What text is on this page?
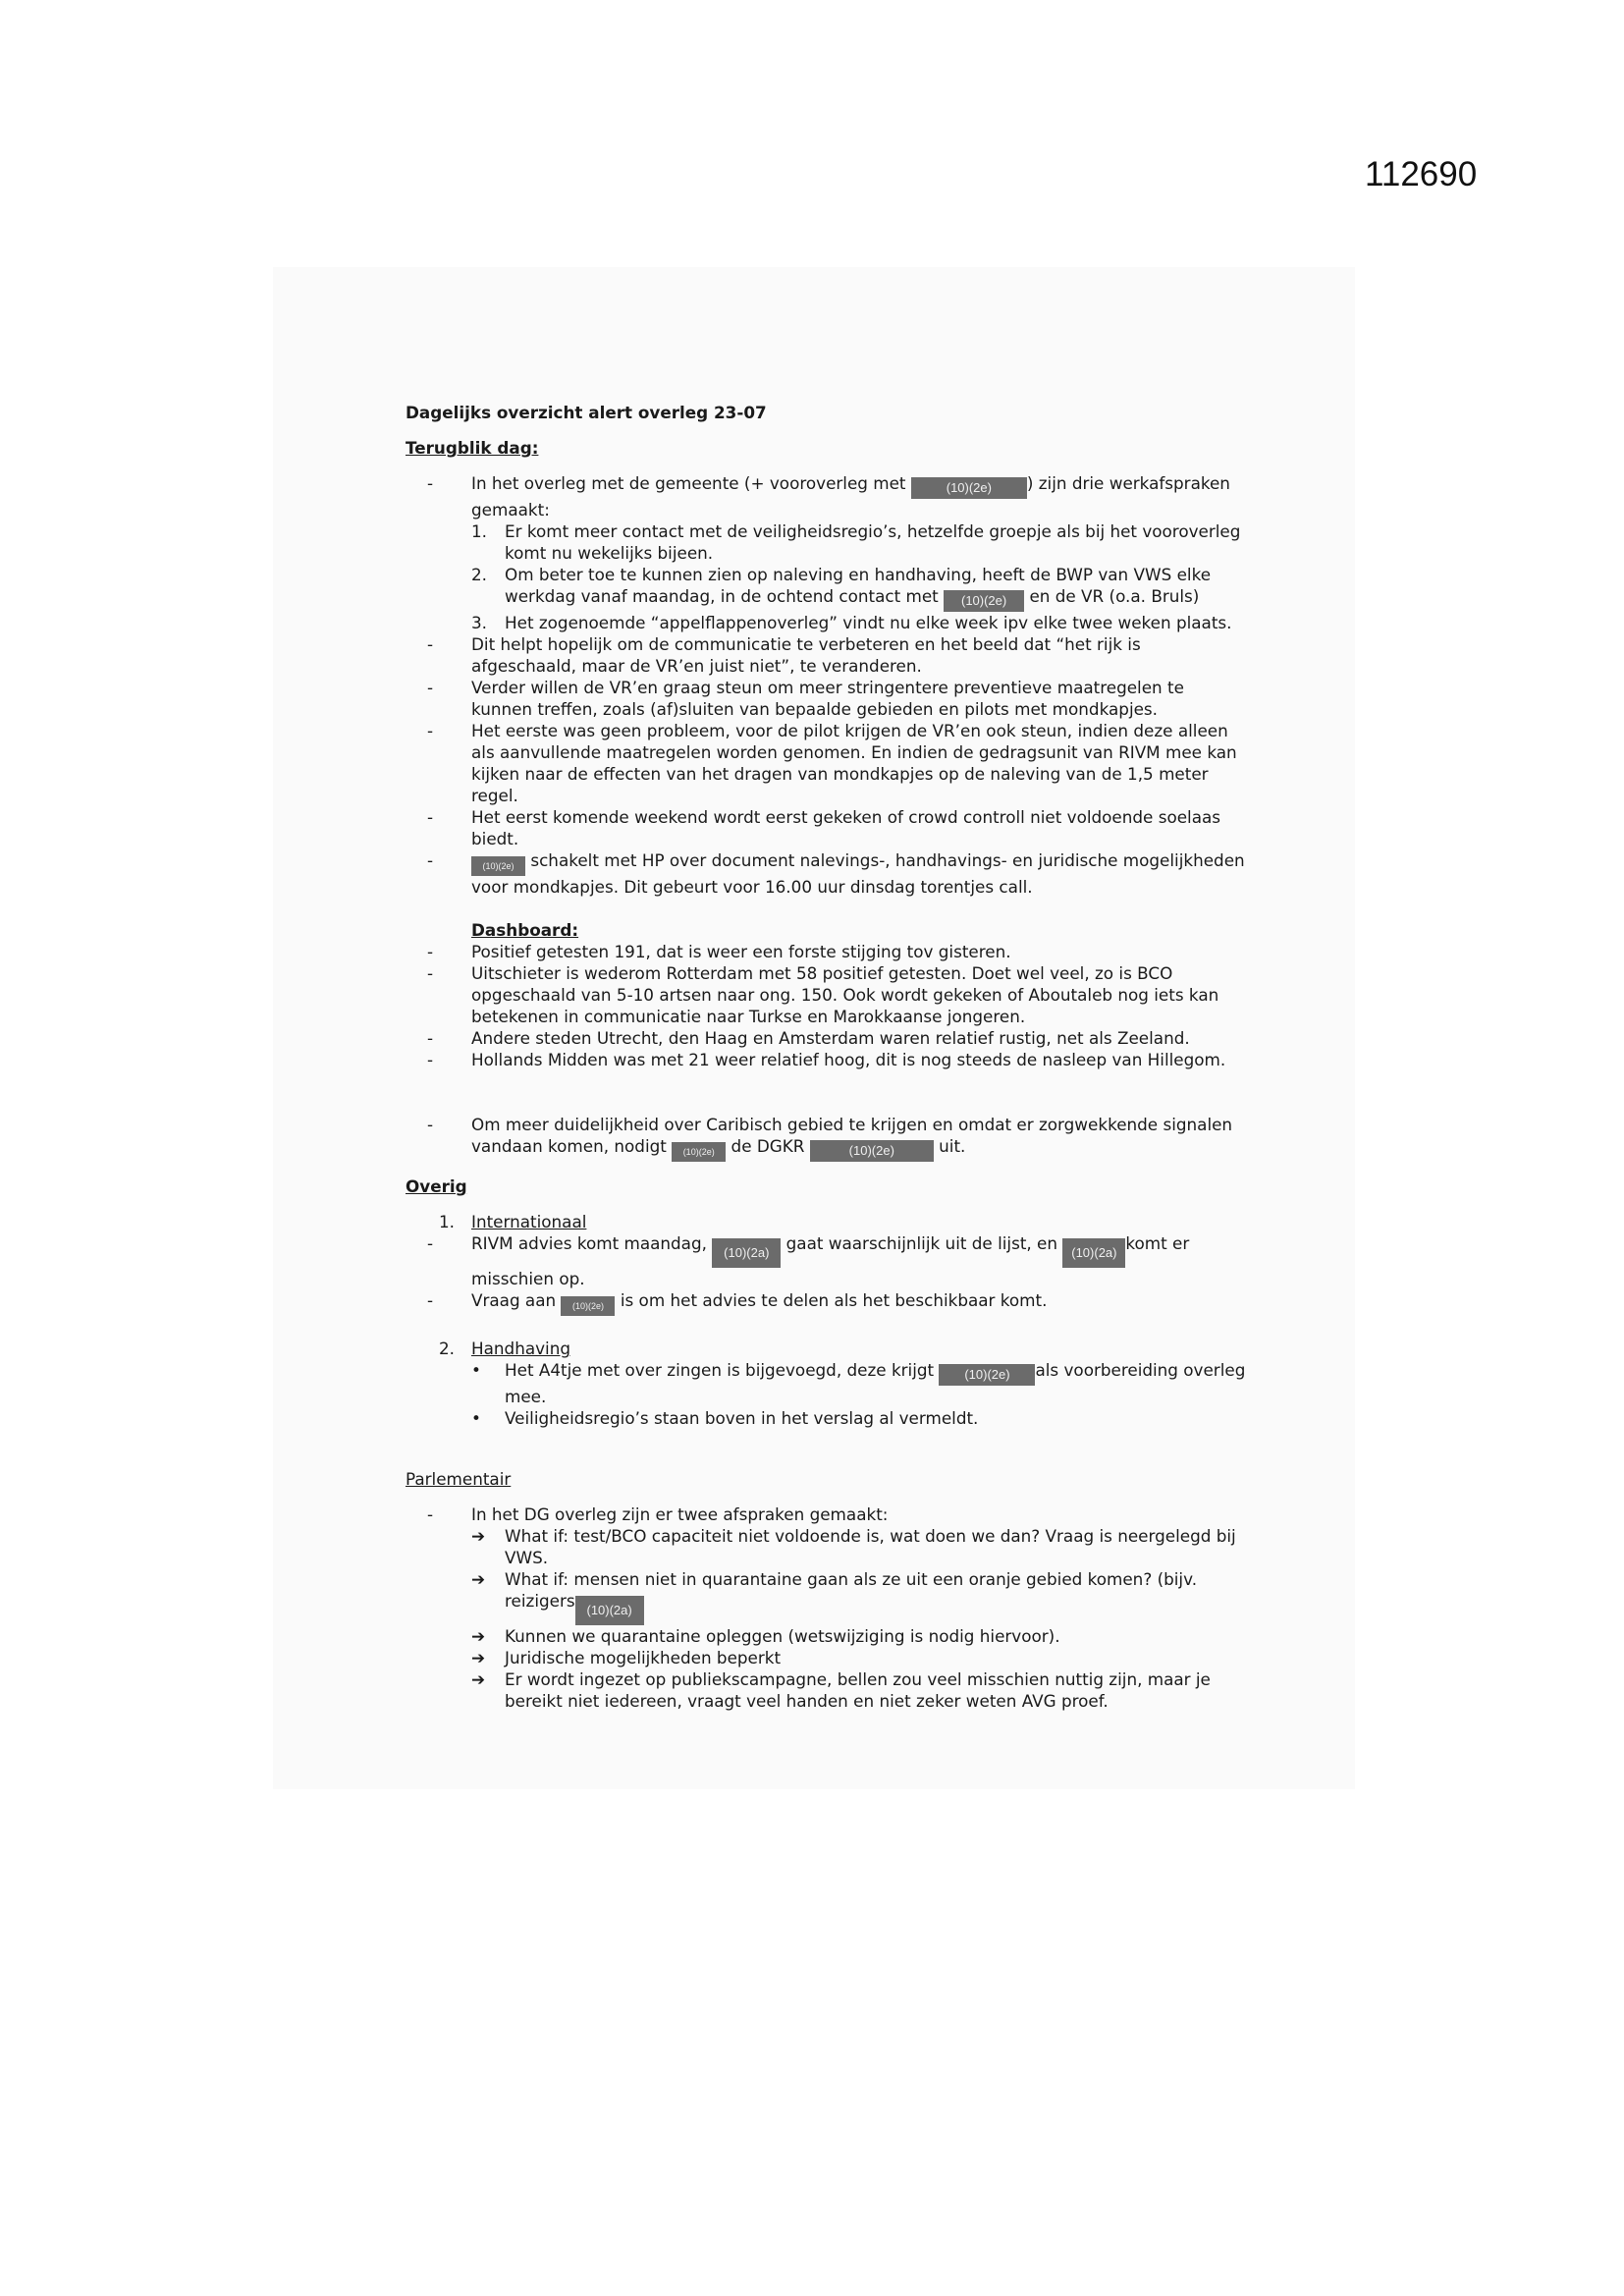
112690
Dagelijks overzicht alert overleg 23-07
Terugblik dag:
- In het overleg met de gemeente (+ vooroverleg met	(10)(2e) ) zijn drie werkafspraken gemaakt:
1. Er komt meer contact met de veiligheidsregio’s, hetzelfde groepje als bij het vooroverleg komt nu wekelijks bijeen.
2. Om beter toe te kunnen zien op naleving en handhaving, heeft de BWP van VWS elke werkdag vanaf maandag, in de ochtend contact met (10)(2e) en de VR (o.a. Bruls)
3. Het zogenoemde “appelflappenoverleg” vindt nu elke week ipv elke twee weken plaats.
- Dit helpt hopelijk om de communicatie te verbeteren en het beeld dat “het rijk is afgeschaald, maar de VR’en juist niet”, te veranderen.
- Verder willen de VR’en graag steun om meer stringentere preventieve maatregelen te kunnen treffen, zoals (af)sluiten van bepaalde gebieden en pilots met mondkapjes.
- Het eerste was geen probleem, voor de pilot krijgen de VR’en ook steun, indien deze alleen als aanvullende maatregelen worden genomen. En indien de gedragsunit van RIVM mee kan kijken naar de effecten van het dragen van mondkapjes op de naleving van de 1,5 meter regel.
- Het eerst komende weekend wordt eerst gekeken of crowd controll niet voldoende soelaas biedt.
-	(10)(2e) schakelt met HP over document nalevings-, handhavings- en juridische mogelijkheden voor mondkapjes. Dit gebeurt voor 16.00 uur dinsdag torentjes call.
Dashboard:
- Positief getesten 191, dat is weer een forste stijging tov gisteren.
- Uitschieter is wederom Rotterdam met 58 positief getesten. Doet wel veel, zo is BCO opgeschaald van 5-10 artsen naar ong. 150. Ook wordt gekeken of Aboutaleb nog iets kan betekenen in communicatie naar Turkse en Marokkaanse jongeren.
- Andere steden Utrecht, den Haag en Amsterdam waren relatief rustig, net als Zeeland.
- Hollands Midden was met 21 weer relatief hoog, dit is nog steeds de nasleep van Hillegom.
- Om meer duidelijkheid over Caribisch gebied te krijgen en omdat er zorgwekkende signalen vandaan komen, nodigt (10)(2e) de DGKR	(10)(2e)	uit.
Overig
1. Internationaal
- RIVM advies komt maandag, (10)(2a) gaat waarschijnlijk uit de lijst, en (10)(2a) komt er misschien op.
- Vraag aan (10)(2e) is om het advies te delen als het beschikbaar komt.
2. Handhaving
• Het A4tje met over zingen is bijgevoegd, deze krijgt (10)(2e) als voorbereiding overleg mee.
• Veiligheidsregio’s staan boven in het verslag al vermeldt.
Parlementair
- In het DG overleg zijn er twee afspraken gemaakt:
➔ What if: test/BCO capaciteit niet voldoende is, wat doen we dan? Vraag is neergelegd bij VWS.
➔ What if: mensen niet in quarantaine gaan als ze uit een oranje gebied komen? (bijv. reizigers (10)(2a)
➔ Kunnen we quarantaine opleggen (wetswijziging is nodig hiervoor).
➔ Juridische mogelijkheden beperkt
➔ Er wordt ingezet op publiekscampagne, bellen zou veel misschien nuttig zijn, maar je bereikt niet iedereen, vraagt veel handen en niet zeker weten AVG proef.
